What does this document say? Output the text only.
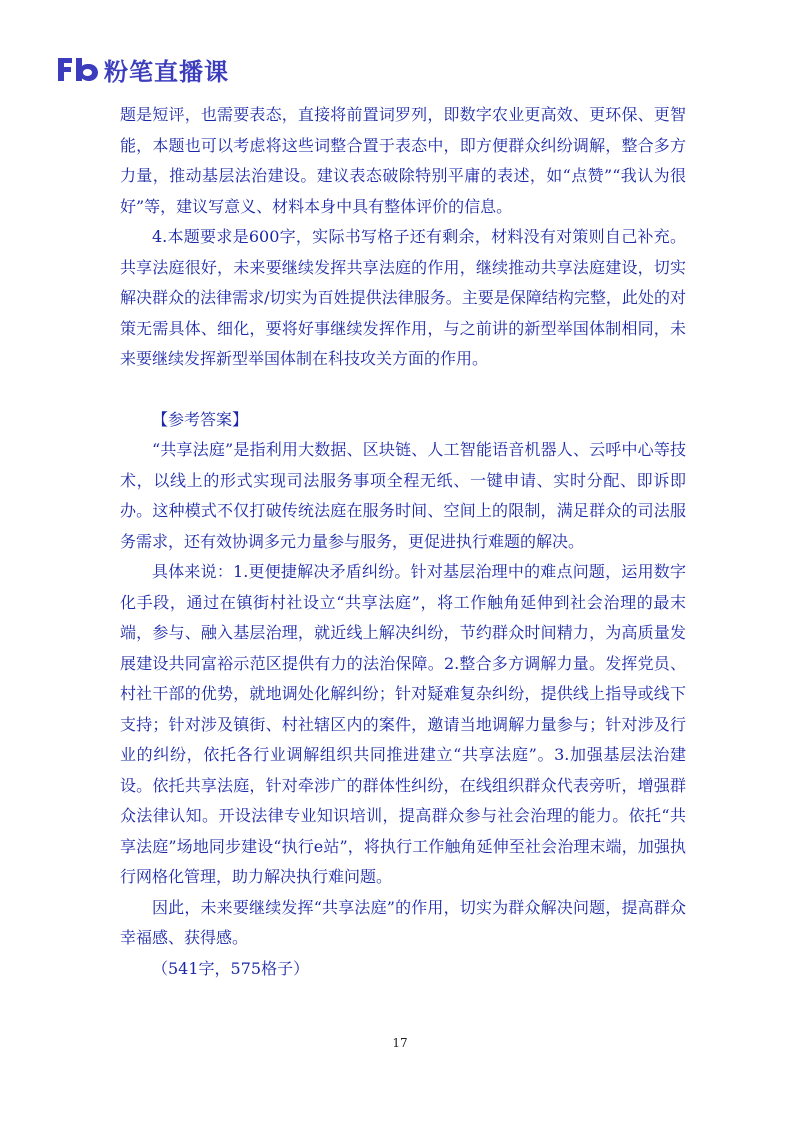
粉笔直播课

题是短评，也需要表态，直接将前置词罗列，即数字农业更高效、更环保、更智能，本题也可以考虑将这些词整合置于表态中，即方便群众纠纷调解，整合多方力量，推动基层法治建设。建议表态破除特别平庸的表述，如“点赞”“我认为很好”等，建议写意义、材料本身中具有整体评价的信息。

4.本题要求是600字，实际书写格子还有剩余，材料没有对策则自己补充。共享法庭很好，未来要继续发挥共享法庭的作用，继续推动共享法庭建设，切实解决群众的法律需求/切实为百姓提供法律服务。主要是保障结构完整，此处的对策无需具体、细化，要将好事继续发挥作用，与之前讲的新型举国体制相同，未来要继续发挥新型举国体制在科技攻关方面的作用。

【参考答案】

“共享法庭”是指利用大数据、区块链、人工智能语音机器人、云呼中心等技术，以线上的形式实现司法服务事项全程无纸、一键申请、实时分配、即诉即办。这种模式不仅打破传统法庭在服务时间、空间上的限制，满足群众的司法服务需求，还有效协调多元力量参与服务，更促进执行难题的解决。

具体来说：1.更便捷解决矛盾纠纷。针对基层治理中的难点问题，运用数字化手段，通过在镇街村社设立“共享法庭”，将工作触角延伸到社会治理的最末端，参与、融入基层治理，就近线上解决纠纷，节约群众时间精力，为高质量发展建设共同富裕示范区提供有力的法治保障。2.整合多方调解力量。发挥党员、村社干部的优势，就地调处化解纠纷；针对疑难复杂纠纷，提供线上指导或线下支持；针对涉及镇街、村社辖区内的案件，邀请当地调解力量参与；针对涉及行业的纠纷，依托各行业调解组织共同推进建立“共享法庭”。3.加强基层法治建设。依托共享法庭，针对牵涉广的群体性纠纷，在线组织群众代表旁听，增强群众法律认知。开设法律专业知识培训，提高群众参与社会治理的能力。依托“共享法庭”场地同步建设“执行e站”，将执行工作触角延伸至社会治理末端，加强执行网格化管理，助力解决执行难问题。

因此，未来要继续发挥“共享法庭”的作用，切实为群众解决问题，提高群众幸福感、获得感。

（541字，575格子）

17
